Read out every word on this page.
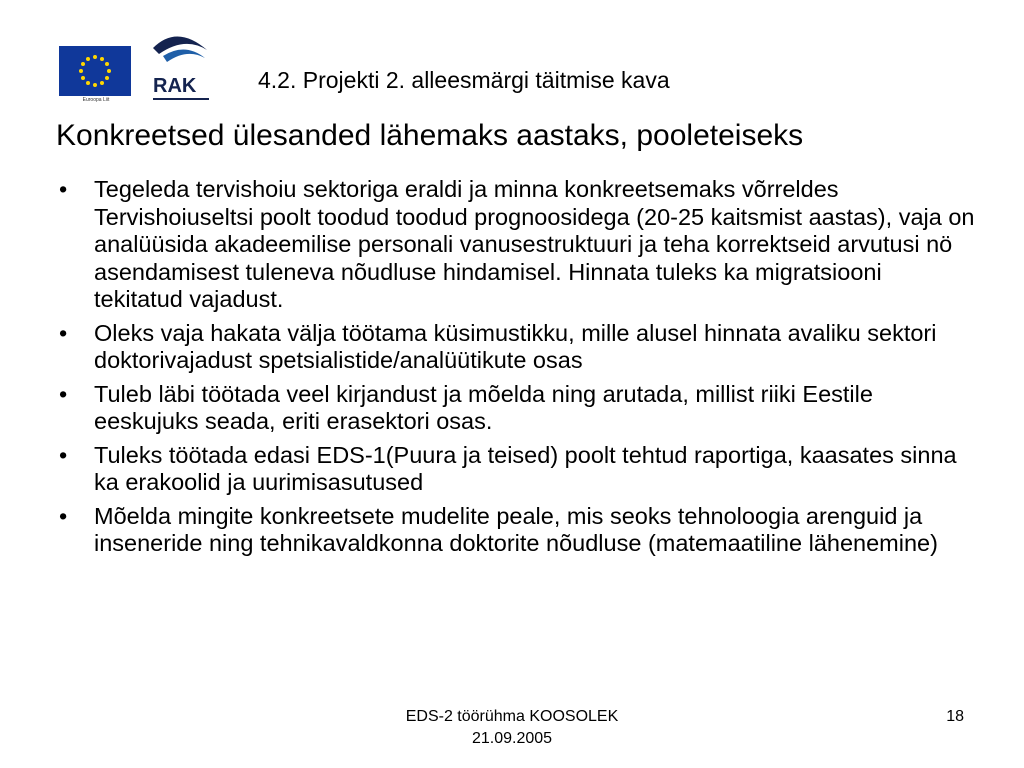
Euroopa Liit
RAK	4.2. Projekti 2. alleesmärgi täitmise kava
Konkreetsed ülesanded lähemaks aastaks, pooleteiseks
• Tegeleda tervishoiu sektoriga eraldi ja minna konkreetsemaks võrreldes Tervishoiuseltsi poolt toodud toodud prognoosidega (20-25 kaitsmist aastas), vaja on analüüsida akadeemilise personali vanusestruktuuri ja teha korrektseid arvutusi nö asendamisest tuleneva nõudluse hindamisel. Hinnata tuleks ka migratsiooni tekitatud vajadust.
• Oleks vaja hakata välja töötama küsimustikku, mille alusel hinnata avaliku sektori doktorivajadust spetsialistide/analüütikute osas
• Tuleb läbi töötada veel kirjandust ja mõelda ning arutada, millist riiki Eestile eeskujuks seada, eriti erasektori osas.
• Tuleks töötada edasi EDS-1(Puura ja teised) poolt tehtud raportiga, kaasates sinna ka erakoolid ja uurimisasutused
• Mõelda mingite konkreetsete mudelite peale, mis seoks tehnoloogia arenguid ja inseneride ning tehnikavaldkonna doktorite nõudluse (matemaatiline lähenemine)
EDS-2 töörühma KOOSOLEK
21.09.2005
18
